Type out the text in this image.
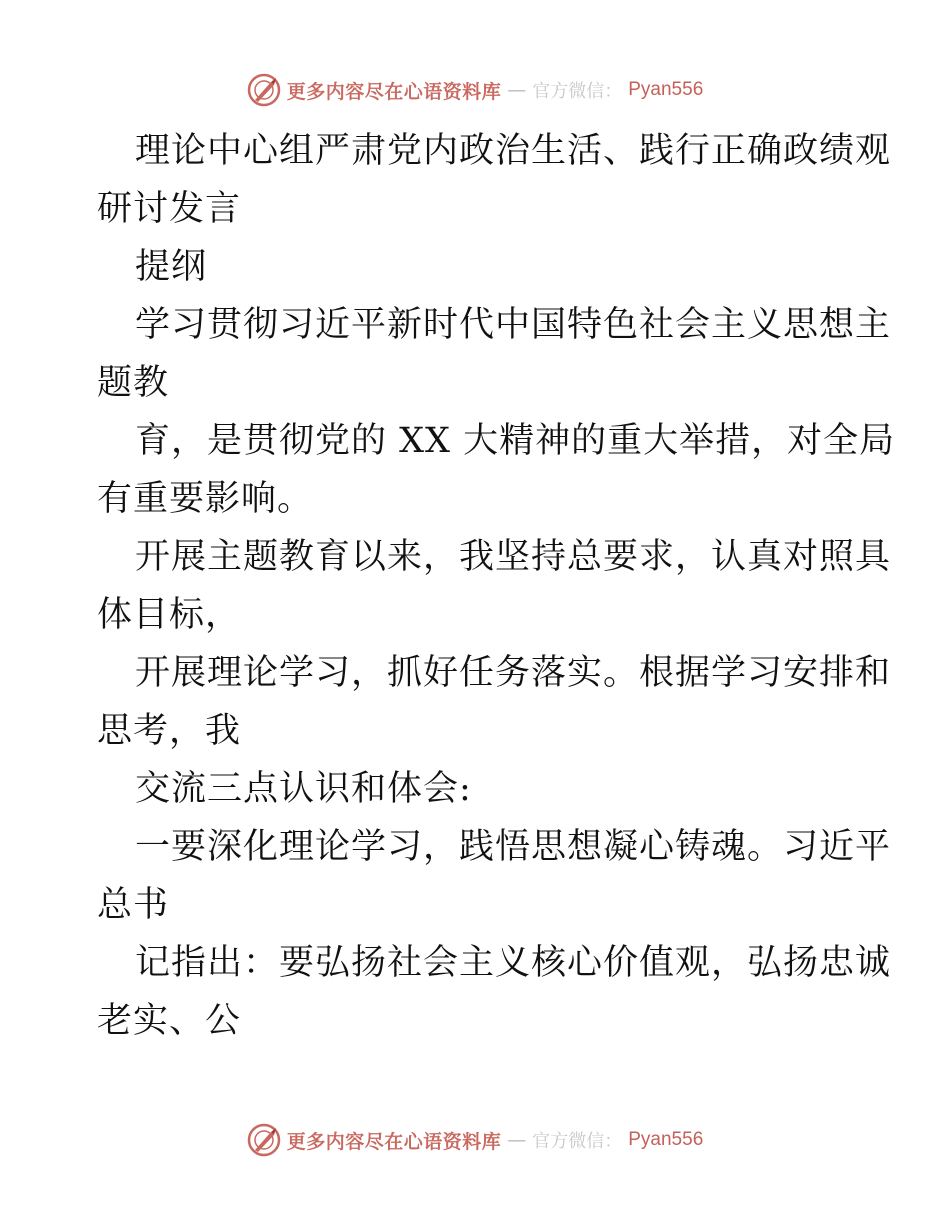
更多内容尽在心语资料库 — 官方微信： Pyan556
理论中心组严肃党内政治生活、践行正确政绩观
研讨发言
提纲
学习贯彻习近平新时代中国特色社会主义思想主
题教
育，是贯彻党的 XX 大精神的重大举措，对全局
有重要影响。
开展主题教育以来，我坚持总要求，认真对照具
体目标，
开展理论学习，抓好任务落实。根据学习安排和
思考，我
交流三点认识和体会:
一要深化理论学习，践悟思想凝心铸魂。习近平
总书
记指出：要弘扬社会主义核心价值观，弘扬忠诚
老实、公
更多内容尽在心语资料库 — 官方微信： Pyan556
